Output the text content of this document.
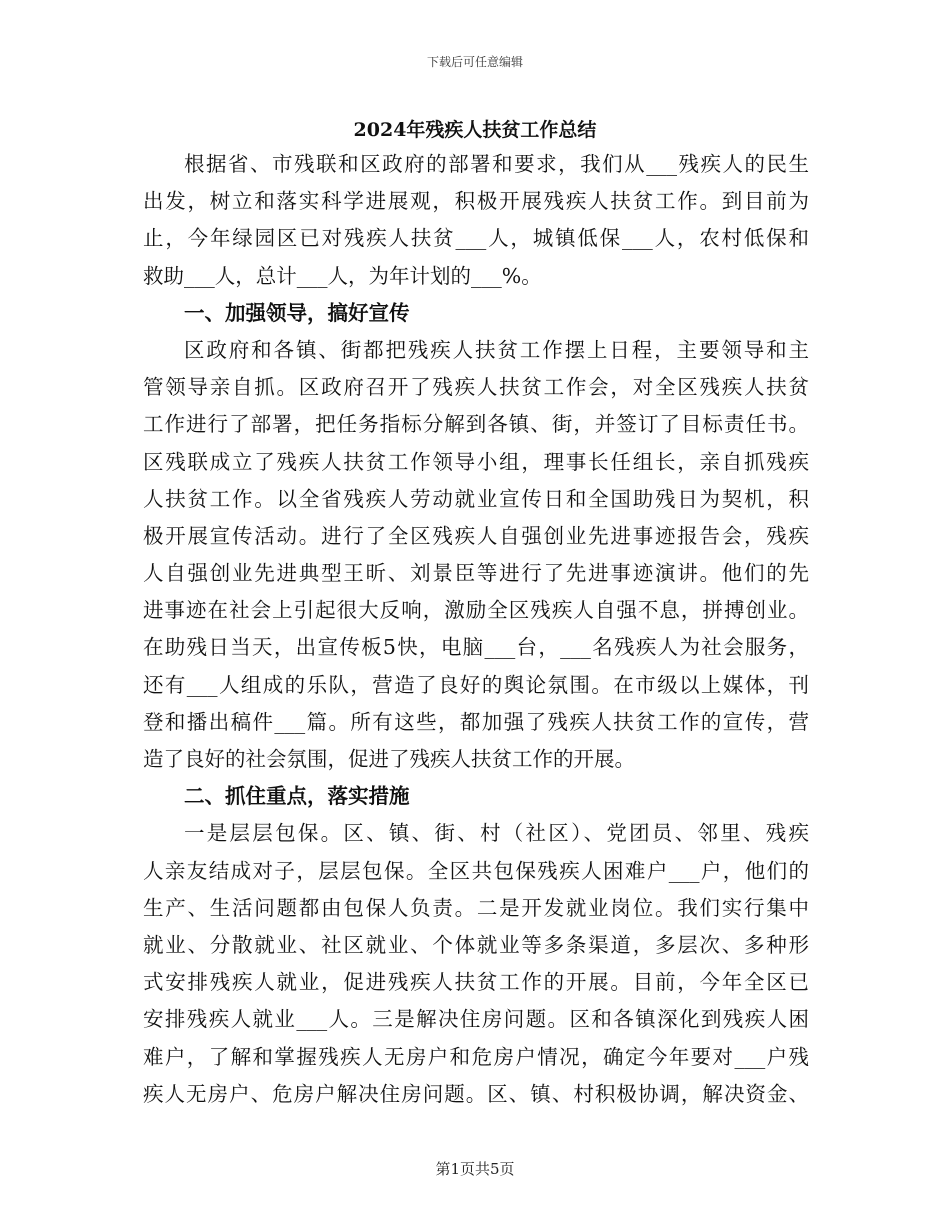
下载后可任意编辑
2024年残疾人扶贫工作总结
根据省、市残联和区政府的部署和要求，我们从___残疾人的民生
出发，树立和落实科学进展观，积极开展残疾人扶贫工作。到目前为
止，今年绿园区已对残疾人扶贫___人，城镇低保___人，农村低保和
救助___人，总计___人，为年计划的___%。
一、加强领导，搞好宣传
区政府和各镇、街都把残疾人扶贫工作摆上日程，主要领导和主
管领导亲自抓。区政府召开了残疾人扶贫工作会，对全区残疾人扶贫
工作进行了部署，把任务指标分解到各镇、街，并签订了目标责任书。
区残联成立了残疾人扶贫工作领导小组，理事长任组长，亲自抓残疾
人扶贫工作。以全省残疾人劳动就业宣传日和全国助残日为契机，积
极开展宣传活动。进行了全区残疾人自强创业先进事迹报告会，残疾
人自强创业先进典型王昕、刘景臣等进行了先进事迹演讲。他们的先
进事迹在社会上引起很大反响，激励全区残疾人自强不息，拼搏创业。
在助残日当天，出宣传板5快，电脑___台，___名残疾人为社会服务，
还有___人组成的乐队，营造了良好的舆论氛围。在市级以上媒体，刊
登和播出稿件___篇。所有这些，都加强了残疾人扶贫工作的宣传，营
造了良好的社会氛围，促进了残疾人扶贫工作的开展。
二、抓住重点，落实措施
一是层层包保。区、镇、街、村（社区）、党团员、邻里、残疾
人亲友结成对子，层层包保。全区共包保残疾人困难户___户，他们的
生产、生活问题都由包保人负责。二是开发就业岗位。我们实行集中
就业、分散就业、社区就业、个体就业等多条渠道，多层次、多种形
式安排残疾人就业，促进残疾人扶贫工作的开展。目前，今年全区已
安排残疾人就业___人。三是解决住房问题。区和各镇深化到残疾人困
难户，了解和掌握残疾人无房户和危房户情况，确定今年要对___户残
疾人无房户、危房户解决住房问题。区、镇、村积极协调，解决资金、
第1页共5页
